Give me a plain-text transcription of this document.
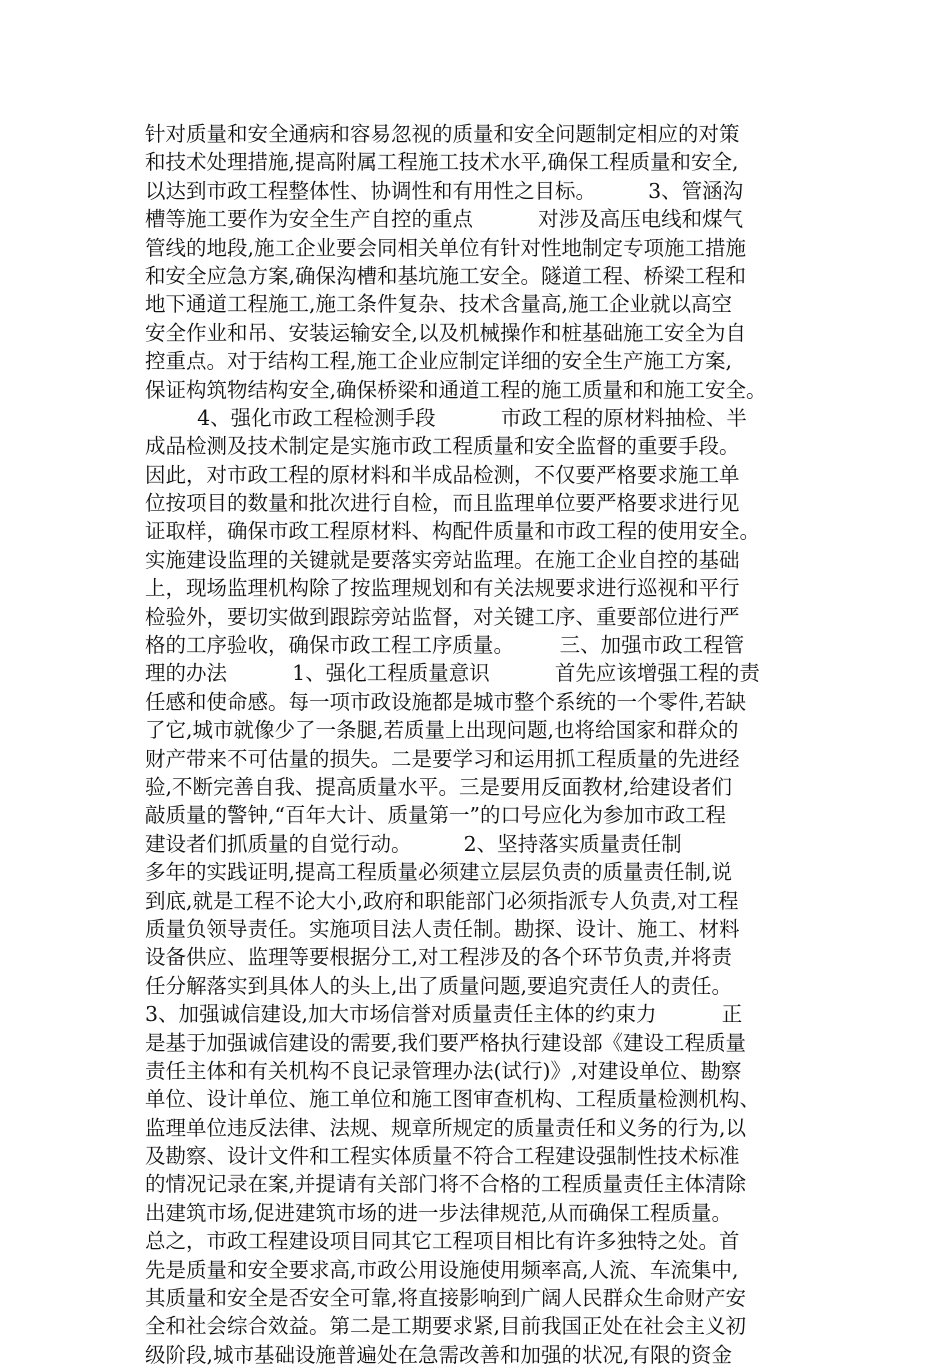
针对质量和安全通病和容易忽视的质量和安全问题制定相应的对策
和技术处理措施,提高附属工程施工技术水平,确保工程质量和安全,
以达到市政工程整体性、协调性和有用性之目标。        3、管涵沟
槽等施工要作为安全生产自控的重点          对涉及高压电线和煤气
管线的地段,施工企业要会同相关单位有针对性地制定专项施工措施
和安全应急方案,确保沟槽和基坑施工安全。隧道工程、桥梁工程和
地下通道工程施工,施工条件复杂、技术含量高,施工企业就以高空
安全作业和吊、安装运输安全,以及机械操作和桩基础施工安全为自
控重点。对于结构工程,施工企业应制定详细的安全生产施工方案,
保证构筑物结构安全,确保桥梁和通道工程的施工质量和和施工安全。
4、强化市政工程检测手段          市政工程的原材料抽检、半
成品检测及技术制定是实施市政工程质量和安全监督的重要手段。
因此，对市政工程的原材料和半成品检测，不仅要严格要求施工单
位按项目的数量和批次进行自检，而且监理单位要严格要求进行见
证取样，确保市政工程原材料、构配件质量和市政工程的使用安全。
实施建设监理的关键就是要落实旁站监理。在施工企业自控的基础
上，现场监理机构除了按监理规划和有关法规要求进行巡视和平行
检验外，要切实做到跟踪旁站监督，对关键工序、重要部位进行严
格的工序验收，确保市政工程工序质量。       三、加强市政工程管
理的办法          1、强化工程质量意识          首先应该增强工程的责
任感和使命感。每一项市政设施都是城市整个系统的一个零件,若缺
了它,城市就像少了一条腿,若质量上出现问题,也将给国家和群众的
财产带来不可估量的损失。二是要学习和运用抓工程质量的先进经
验,不断完善自我、提高质量水平。三是要用反面教材,给建设者们
敲质量的警钟,“百年大计、质量第一”的口号应化为参加市政工程
建设者们抓质量的自觉行动。        2、坚持落实质量责任制
多年的实践证明,提高工程质量必须建立层层负责的质量责任制,说
到底,就是工程不论大小,政府和职能部门必须指派专人负责,对工程
质量负领导责任。实施项目法人责任制。勘探、设计、施工、材料
设备供应、监理等要根据分工,对工程涉及的各个环节负责,并将责
任分解落实到具体人的头上,出了质量问题,要追究责任人的责任。
3、加强诚信建设,加大市场信誉对质量责任主体的约束力          正
是基于加强诚信建设的需要,我们要严格执行建设部《建设工程质量
责任主体和有关机构不良记录管理办法(试行)》,对建设单位、勘察
单位、设计单位、施工单位和施工图审查机构、工程质量检测机构、
监理单位违反法律、法规、规章所规定的质量责任和义务的行为,以
及勘察、设计文件和工程实体质量不符合工程建设强制性技术标准
的情况记录在案,并提请有关部门将不合格的工程质量责任主体清除
出建筑市场,促进建筑市场的进一步法律规范,从而确保工程质量。
总之，市政工程建设项目同其它工程项目相比有许多独特之处。首
先是质量和安全要求高,市政公用设施使用频率高,人流、车流集中,
其质量和安全是否安全可靠,将直接影响到广阔人民群众生命财产安
全和社会综合效益。第二是工期要求紧,目前我国正处在社会主义初
级阶段,城市基础设施普遍处在急需改善和加强的状况,有限的资金
